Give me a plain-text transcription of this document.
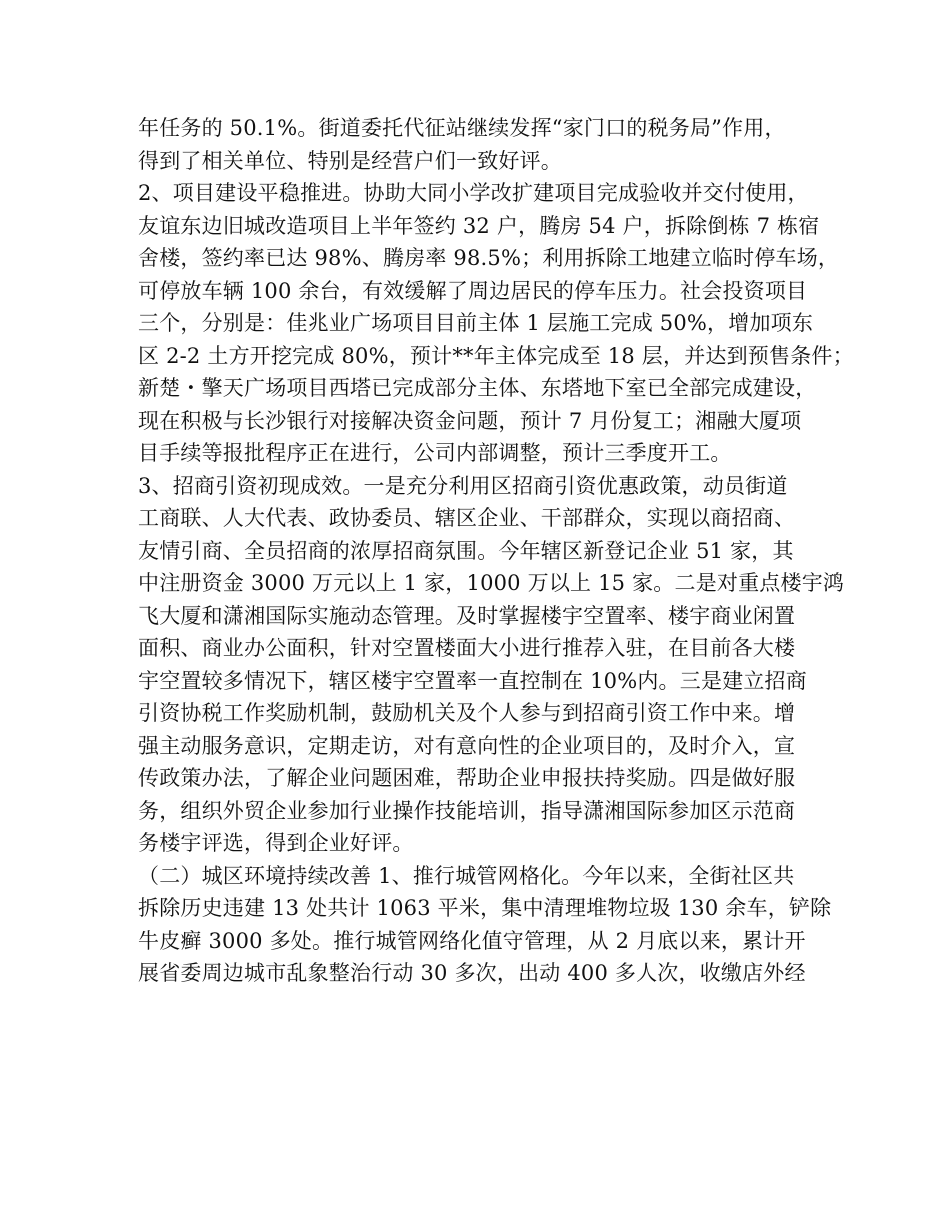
年任务的 50.1%。街道委托代征站继续发挥“家门口的税务局”作用，
得到了相关单位、特别是经营户们一致好评。
2、项目建设平稳推进。协助大同小学改扩建项目完成验收并交付使用，
友谊东边旧城改造项目上半年签约 32 户，腾房 54 户，拆除倒栋 7 栋宿
舍楼，签约率已达 98%、腾房率 98.5%；利用拆除工地建立临时停车场，
可停放车辆 100 余台，有效缓解了周边居民的停车压力。社会投资项目
三个，分别是：佳兆业广场项目目前主体 1 层施工完成 50%，增加项东
区 2-2 土方开挖完成 80%，预计**年主体完成至 18 层，并达到预售条件；
新楚・擎天广场项目西塔已完成部分主体、东塔地下室已全部完成建设，
现在积极与长沙银行对接解决资金问题，预计 7 月份复工；湘融大厦项
目手续等报批程序正在进行，公司内部调整，预计三季度开工。
3、招商引资初现成效。一是充分利用区招商引资优惠政策，动员街道
工商联、人大代表、政协委员、辖区企业、干部群众，实现以商招商、
友情引商、全员招商的浓厚招商氛围。今年辖区新登记企业 51 家，其
中注册资金 3000 万元以上 1 家，1000 万以上 15 家。二是对重点楼宇鸿
飞大厦和潇湘国际实施动态管理。及时掌握楼宇空置率、楼宇商业闲置
面积、商业办公面积，针对空置楼面大小进行推荐入驻，在目前各大楼
宇空置较多情况下，辖区楼宇空置率一直控制在 10%内。三是建立招商
引资协税工作奖励机制，鼓励机关及个人参与到招商引资工作中来。增
强主动服务意识，定期走访，对有意向性的企业项目的，及时介入，宣
传政策办法，了解企业问题困难，帮助企业申报扶持奖励。四是做好服
务，组织外贸企业参加行业操作技能培训，指导潇湘国际参加区示范商
务楼宇评选，得到企业好评。
（二）城区环境持续改善 1、推行城管网格化。今年以来，全街社区共
拆除历史违建 13 处共计 1063 平米，集中清理堆物垃圾 130 余车，铲除
牛皮癣 3000 多处。推行城管网络化值守管理，从 2 月底以来，累计开
展省委周边城市乱象整治行动 30 多次，出动 400 多人次，收缴店外经
